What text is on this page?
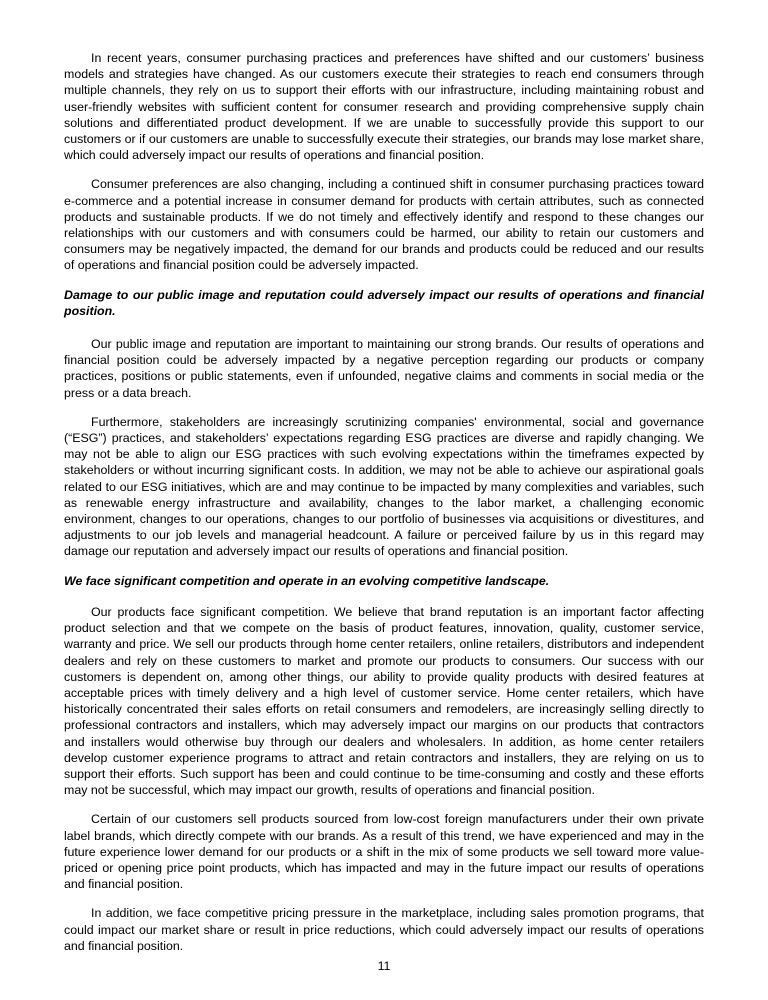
In recent years, consumer purchasing practices and preferences have shifted and our customers’ business models and strategies have changed. As our customers execute their strategies to reach end consumers through multiple channels, they rely on us to support their efforts with our infrastructure, including maintaining robust and user-friendly websites with sufficient content for consumer research and providing comprehensive supply chain solutions and differentiated product development. If we are unable to successfully provide this support to our customers or if our customers are unable to successfully execute their strategies, our brands may lose market share, which could adversely impact our results of operations and financial position.

Consumer preferences are also changing, including a continued shift in consumer purchasing practices toward e-commerce and a potential increase in consumer demand for products with certain attributes, such as connected products and sustainable products. If we do not timely and effectively identify and respond to these changes our relationships with our customers and with consumers could be harmed, our ability to retain our customers and consumers may be negatively impacted, the demand for our brands and products could be reduced and our results of operations and financial position could be adversely impacted.

Damage to our public image and reputation could adversely impact our results of operations and financial position.

Our public image and reputation are important to maintaining our strong brands. Our results of operations and financial position could be adversely impacted by a negative perception regarding our products or company practices, positions or public statements, even if unfounded, negative claims and comments in social media or the press or a data breach.

Furthermore, stakeholders are increasingly scrutinizing companies' environmental, social and governance (“ESG”) practices, and stakeholders’ expectations regarding ESG practices are diverse and rapidly changing. We may not be able to align our ESG practices with such evolving expectations within the timeframes expected by stakeholders or without incurring significant costs. In addition, we may not be able to achieve our aspirational goals related to our ESG initiatives, which are and may continue to be impacted by many complexities and variables, such as renewable energy infrastructure and availability, changes to the labor market, a challenging economic environment, changes to our operations, changes to our portfolio of businesses via acquisitions or divestitures, and adjustments to our job levels and managerial headcount. A failure or perceived failure by us in this regard may damage our reputation and adversely impact our results of operations and financial position.

We face significant competition and operate in an evolving competitive landscape.

Our products face significant competition. We believe that brand reputation is an important factor affecting product selection and that we compete on the basis of product features, innovation, quality, customer service, warranty and price. We sell our products through home center retailers, online retailers, distributors and independent dealers and rely on these customers to market and promote our products to consumers. Our success with our customers is dependent on, among other things, our ability to provide quality products with desired features at acceptable prices with timely delivery and a high level of customer service. Home center retailers, which have historically concentrated their sales efforts on retail consumers and remodelers, are increasingly selling directly to professional contractors and installers, which may adversely impact our margins on our products that contractors and installers would otherwise buy through our dealers and wholesalers. In addition, as home center retailers develop customer experience programs to attract and retain contractors and installers, they are relying on us to support their efforts. Such support has been and could continue to be time-consuming and costly and these efforts may not be successful, which may impact our growth, results of operations and financial position.

Certain of our customers sell products sourced from low-cost foreign manufacturers under their own private label brands, which directly compete with our brands. As a result of this trend, we have experienced and may in the future experience lower demand for our products or a shift in the mix of some products we sell toward more value-priced or opening price point products, which has impacted and may in the future impact our results of operations and financial position.

In addition, we face competitive pricing pressure in the marketplace, including sales promotion programs, that could impact our market share or result in price reductions, which could adversely impact our results of operations and financial position.

11
